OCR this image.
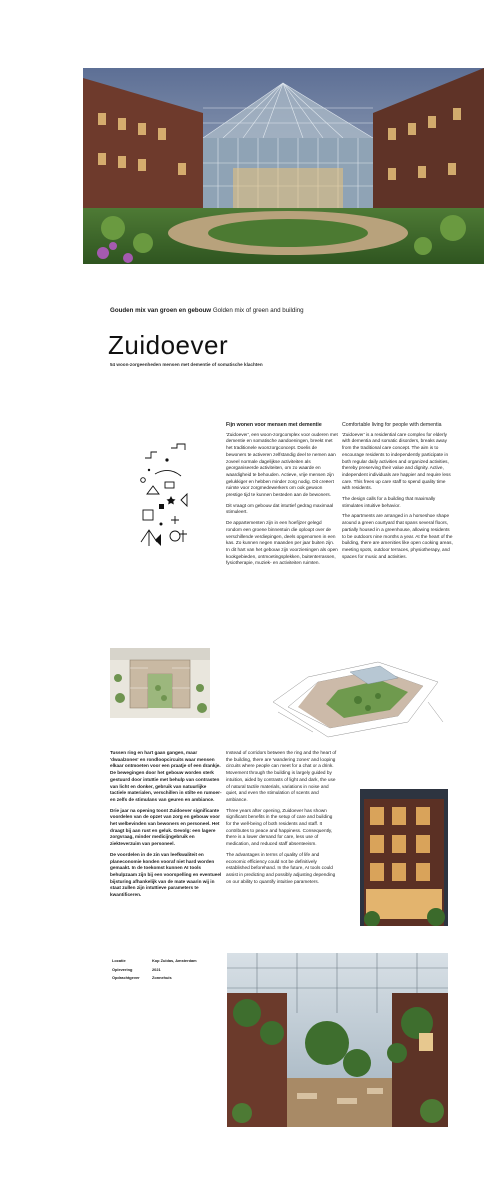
Gouden mix van groen en gebouw Golden mix of green and building
Zuidoever
54 woon-zorgeenheden mensen met dementie of somatische klachten
Fijn wonen voor mensen met dementie

'Zuidoever', een woon-zorgcomplex voor ouderen met dementie en somatische aandoeningen, breekt met het traditionele woonzorgconcept. Doelis de bewoners te activeren zelfstandig deel te nemen aan zoveel normale dagelijkse activiteiten als georganiseerde activiteiten, om zo waarde en waardigheid te behouden. Actieve, vrije mensen zijn gelukkiger en hebben minder zorg nodig. Dit creëert ruimte voor zorgmedewerkers om ook gewoon prestige tijd te kunnen besteden aan de bewoners.

Dit vraagt om gebouw dat intuïtief gedrag maximaal stimuleert.

De appartementen zijn in een hoefijzer gelegd rondom een groene binnentuin die oploopt over de verschillende verdiepingen, deels opgenomen in een kas. Zo kunnen negen maanden per jaar buiten zijn. In dit hart van het gebouw zijn voorzieningen als open kookgebieden, ontmoetingsplekken, buitenterrassen, fysiotherapie, muziek- en activiteiten ruimten.

Comfortable living for people with dementia

'Zuidoever' is a residential care complex for elderly with dementia and somatic disorders, breaks away from the traditional care concept. The aim is to encourage residents to independently participate in both regular daily activities and organized activities, thereby preserving their value and dignity. Active, independent individuals are happier and require less care. This frees up care staff to spend quality time with residents.

The design calls for a building that maximally stimulates intuitive behavior.

The apartments are arranged in a horseshoe shape around a green courtyard that spans several floors, partially housed in a greenhouse, allowing residents to be outdoors nine months a year. At the heart of the building, there are amenities like open cooking areas, meeting spots, outdoor terraces, physiotherapy, and spaces for music and activities.

Tussen ring en hart gaan gangen, maar 'dwaalzones' en rondloopcircuits waar mensen elkaar ontmoeten voor een praatje of een drankje. De bewegingen door het gebouw worden sterk gestuurd door intuïtie met behulp van contrasten van licht en donker, gebruik van natuurlijke tactiele materialen, verschillen in stilte en rumoer- en zelfs de stimulans van geuren en ambiance.

Drie jaar na opening toont Zuidoever significante voordelen van de opzet van zorg en gebouw voor het welbevinden van bewoners en personeel. Het draagt bij aan rust en geluk. Gevolg: een lagere zorgvraag, minder medicijngebruik en ziekteverzuim van personeel.

De voordelen in de zin van leefkwaliteit en planeconomie konden vooraf niet hard worden gemaakt. In de toekomst kunnen AI tools behulpzaam zijn bij een voorspelling en eventueel bijsturing afhankelijk van de mate waarin wij in staat zullen zijn intuïtieve parameters te kwantificeren.

Instead of corridors between the ring and the heart of the building, there are 'wandering zones' and looping circuits where people can meet for a chat or a drink. Movement through the building is largely guided by intuition, aided by contrasts of light and dark, the use of natural tactile materials, variations in noise and quiet, and even the stimulation of scents and ambiance.

Three years after opening, Zuidoever has shown significant benefits in the setup of care and building for the well-being of both residents and staff. It contributes to peace and happiness. Consequently, there is a lower demand for care, less use of medication, and reduced staff absenteeism.

The advantages in terms of quality of life and economic efficiency could not be definitively established beforehand. In the future, AI tools could assist in predicting and possibly adjusting depending on our ability to quantify intuitive parameters.

Locatie	Kop Zuidas, Amsterdam
Oplevering	2021
Opdrachtgever	Zonnehuis
